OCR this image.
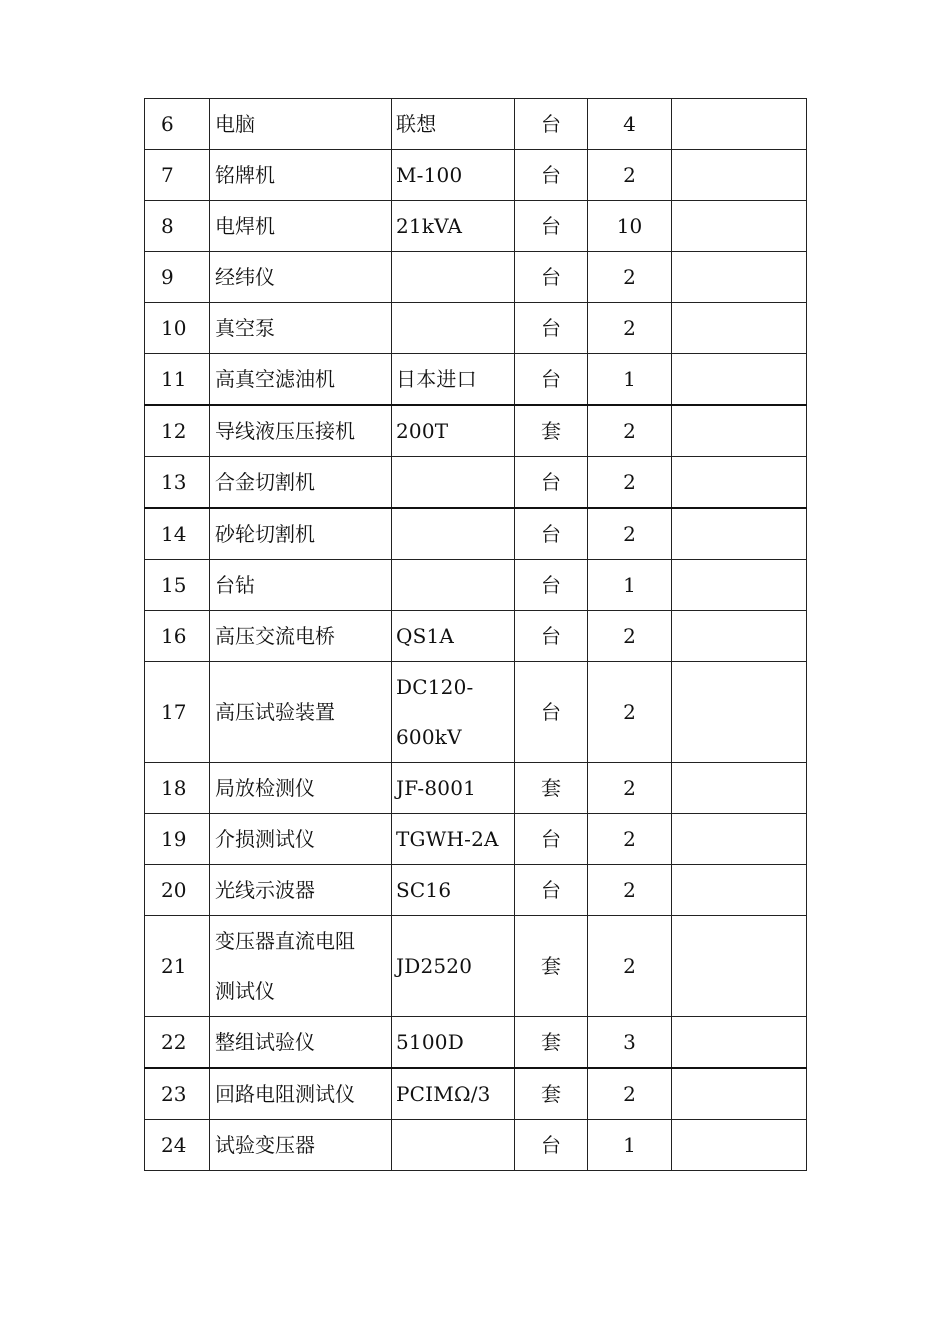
6	电脑	联想	台	4	
7	铭牌机	M-100	台	2	
8	电焊机	21kVA	台	10	
9	经纬仪		台	2	
10	真空泵		台	2	
11	高真空滤油机	日本进口	台	1	
12	导线液压压接机	200T	套	2	
13	合金切割机		台	2	
14	砂轮切割机		台	2	
15	台钻		台	1	
16	高压交流电桥	QS1A	台	2	
17	高压试验装置	DC120-
600kV	台	2	
18	局放检测仪	JF-8001	套	2	
19	介损测试仪	TGWH-2A	台	2	
20	光线示波器	SC16	台	2	
21	变压器直流电阻
测试仪	JD2520	套	2	
22	整组试验仪	5100D	套	3	
23	回路电阻测试仪	PCIMΩ/3	套	2	
24	试验变压器		台	1	
